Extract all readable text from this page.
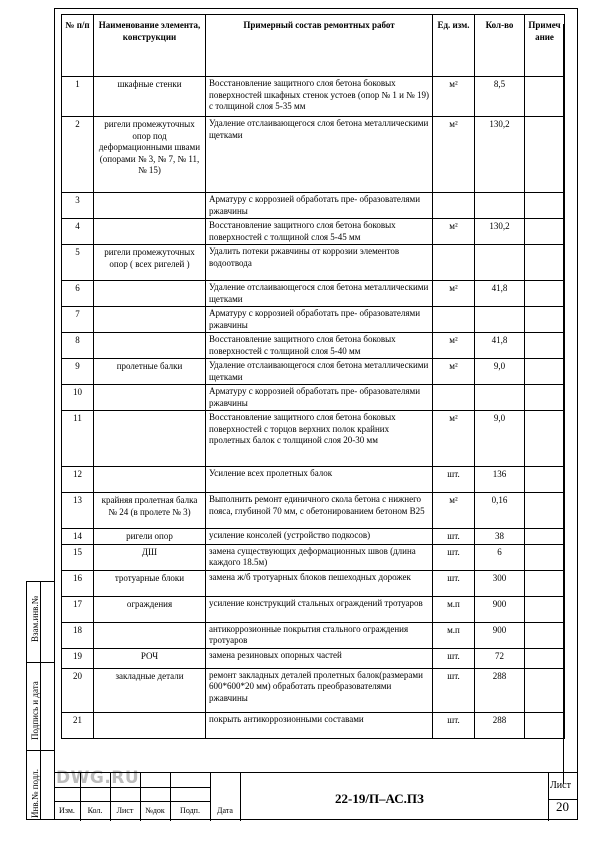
№ п/п	Наименование элемента, конструкции	Примерный состав ремонтных работ	Ед. изм.	Кол-во	Примечание
1	шкафные стенки	Восстановление защитного слоя бетона боковых поверхностей шкафных стенок устоев (опор № 1 и № 19) с толщиной слоя 5-35 мм	м²	8,5	
2	ригели промежуточных опор под деформационными швами (опорами № 3, № 7, № 11, № 15)	Удаление отслаивающегося слоя бетона металлическими щетками	м²	130,2	
3		Арматуру с коррозией обработать пре- образователями ржавчины			
4		Восстановление защитного слоя бетона боковых поверхностей с толщиной слоя 5-45 мм	м²	130,2	
5	ригели промежуточных опор ( всех ригелей )	Удалить потеки ржавчины от коррозии элементов водоотвода			
6		Удаление отслаивающегося слоя бетона металлическими щетками	м²	41,8	
7		Арматуру с коррозией обработать пре- образователями ржавчины			
8		Восстановление защитного слоя бетона боковых поверхностей с толщиной слоя 5-40 мм	м²	41,8	
9	пролетные балки	Удаление отслаивающегося слоя бетона металлическими щетками	м²	9,0	
10		Арматуру с коррозией обработать пре- образователями ржавчины			
11		Восстановление защитного слоя бетона боковых поверхностей с торцов верхних полок крайних пролетных балок с толщиной слоя 20-30 мм	м²	9,0	
12		Усиление всех пролетных балок	шт.	136	
13	крайняя пролетная балка № 24 (в пролете № 3)	Выполнить ремонт единичного скола бетона с нижнего пояса, глубиной 70 мм, с обетонированием бетоном В25	м²	0,16	
14	ригели опор	усиление консолей (устройство подкосов)	шт.	38	
15	ДШ	замена существующих деформационных швов (длина каждого 18.5м)	шт.	6	
16	тротуарные блоки	замена ж/б тротуарных блоков пешеходных дорожек	шт.	300	
17	ограждения	усиление конструкций стальных ограждений тротуаров	м.п	900	
18		антикоррозионные покрытия стального ограждения тротуаров	м.п	900	
19	РОЧ	замена резиновых опорных частей	шт.	72	
20	закладные детали	ремонт закладных деталей пролетных балок(размерами 600*600*20 мм) обработать преобразователями ржавчины	шт.	288	
21		покрыть антикоррозионными составами	шт.	288	
Взам.инв.№
Подпись и дата
Инв.№ подл. DWG.RU
Изм.	Кол.	Лист	№док	Подп.	Дата
22-19/П–АС.ПЗ
Лист
20
